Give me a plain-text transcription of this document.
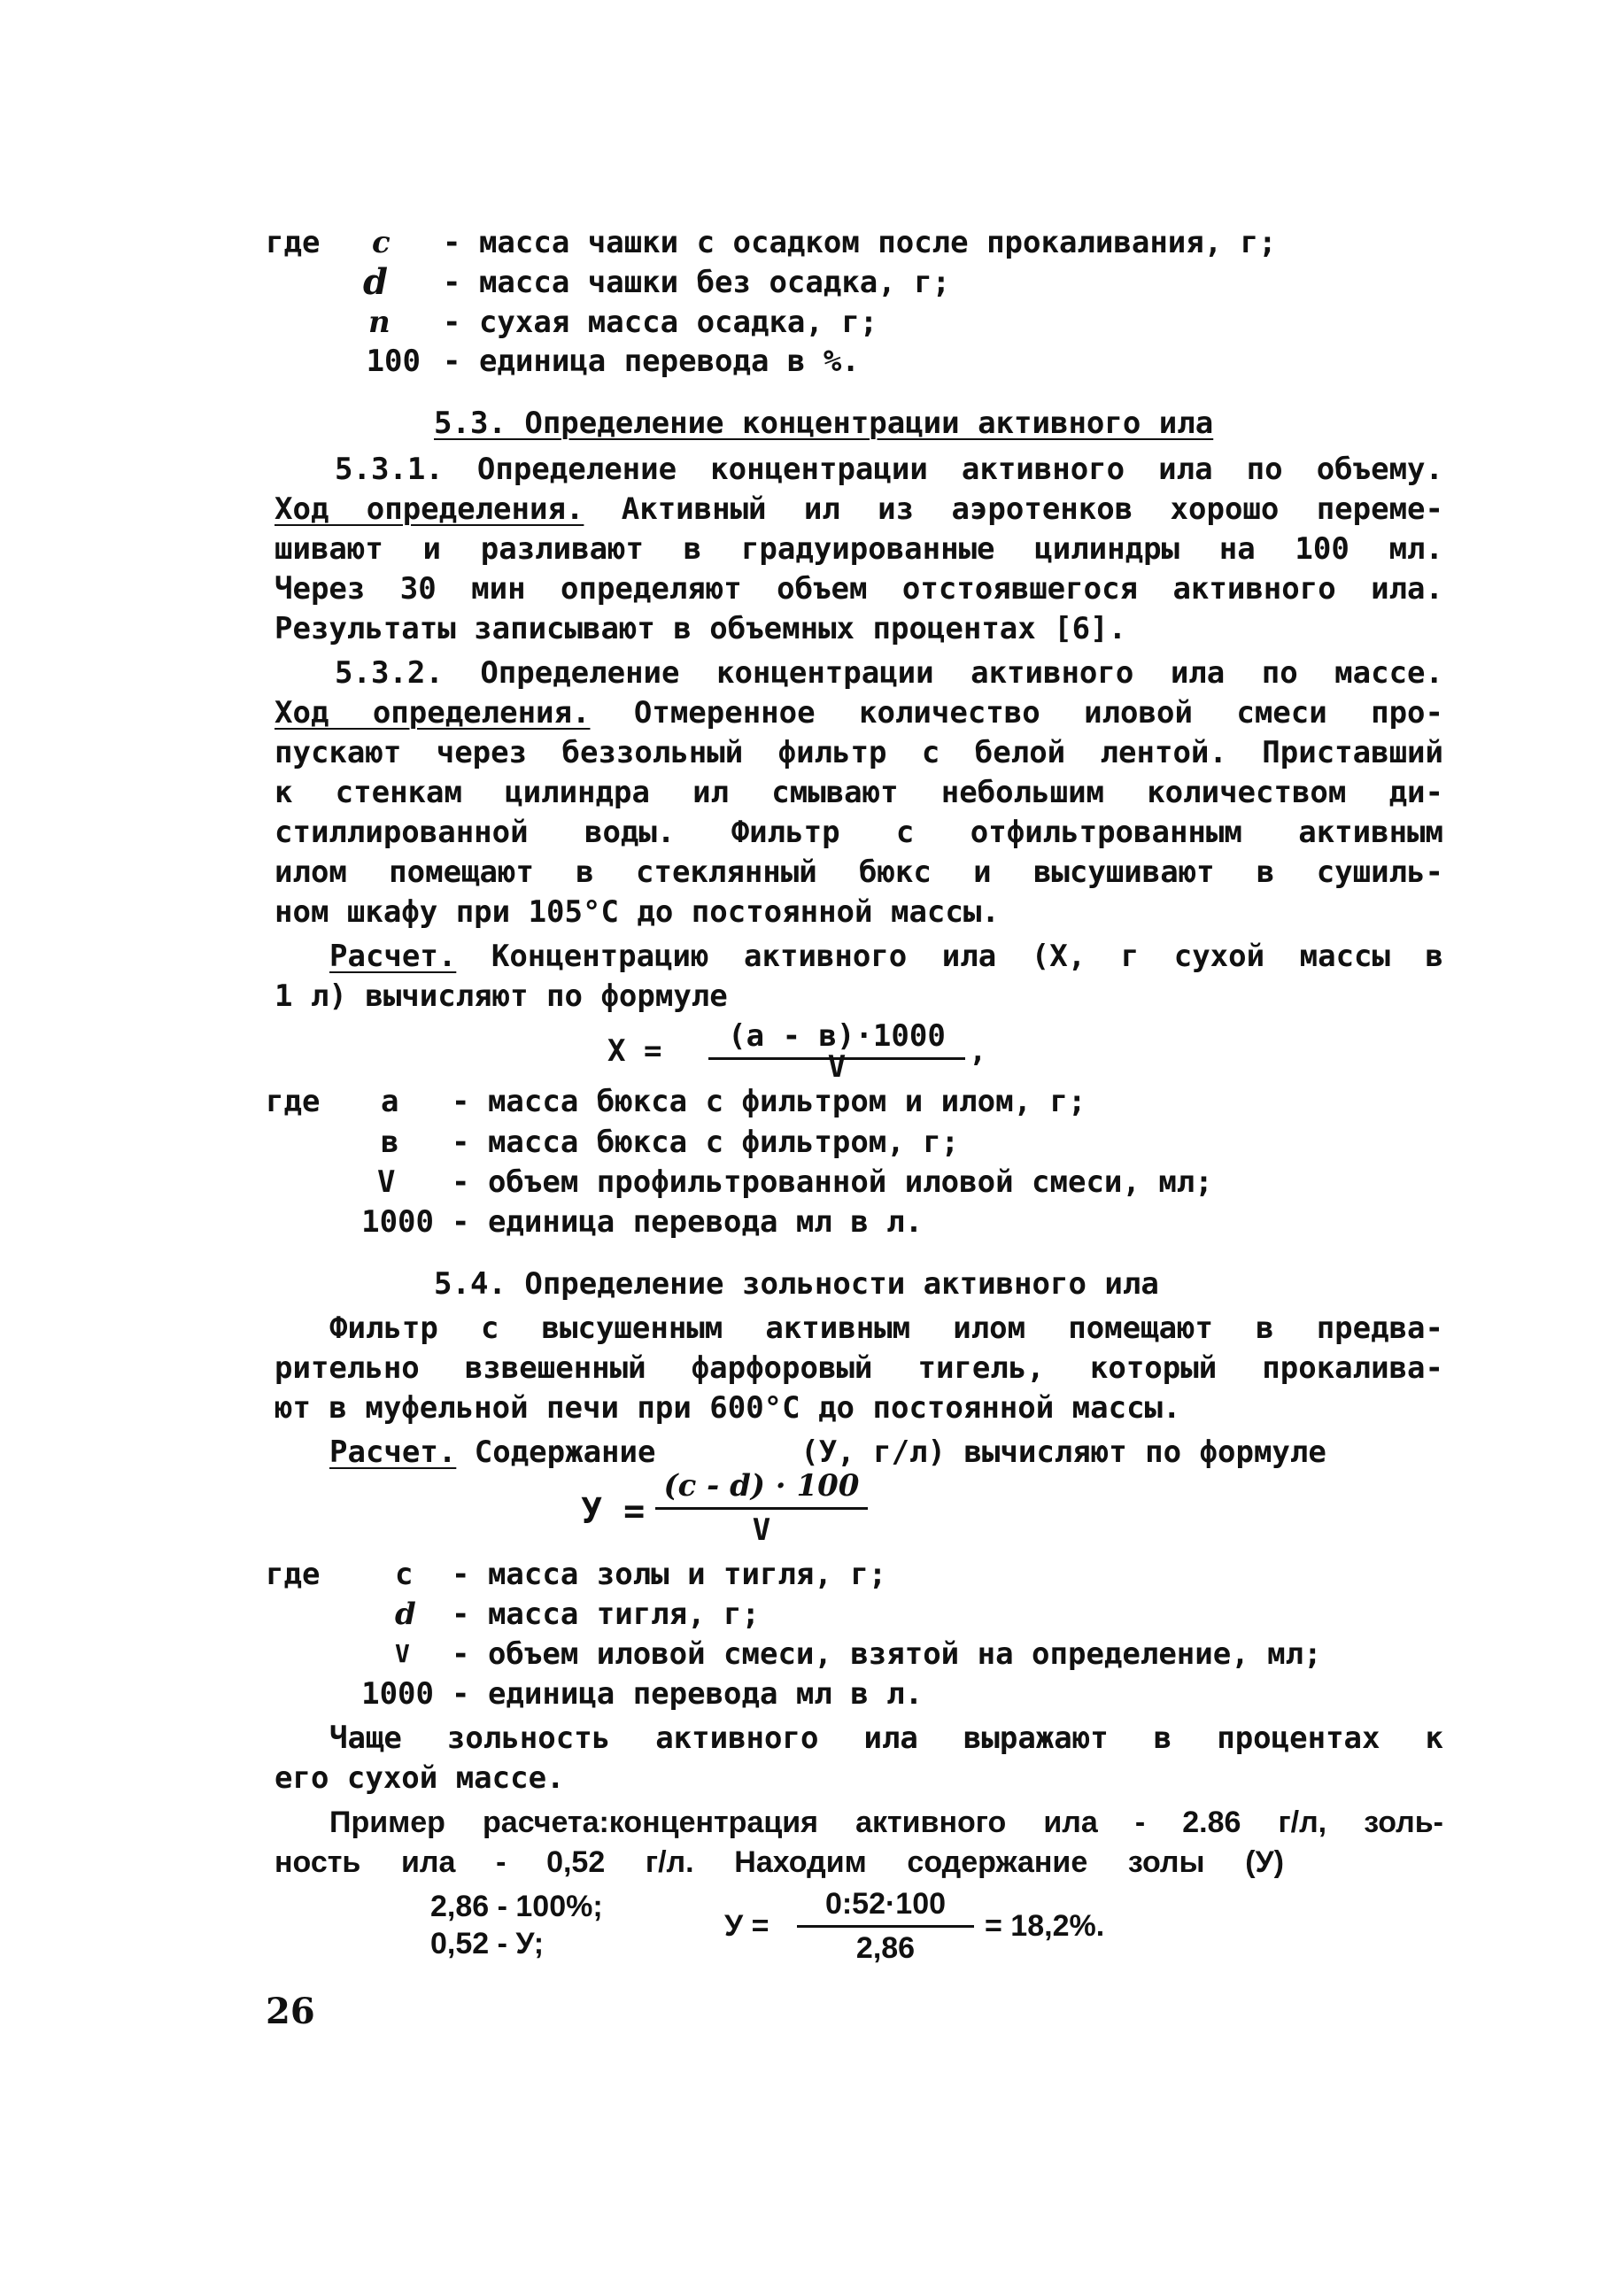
где c - масса чашки с осадком после прокаливания, г;
d - масса чашки без осадка, г;
n - сухая масса осадка, г;
100 - единица перевода в %.
5.3. Определение концентрации активного ила
5.3.1. Определение концентрации активного ила по объему.
Ход определения. Активный ил из аэротенков хорошо переме-
шивают и разливают в градуированные цилиндры на 100 мл.
Через 30 мин определяют объем отстоявшегося активного ила.
Результаты записывают в объемных процентах [6].
5.3.2. Определение концентрации активного ила по массе.
Ход определения. Отмеренное количество иловой смеси про-
пускают через беззольный фильтр с белой лентой. Приставший
к стенкам цилиндра ил смывают небольшим количеством ди-
стиллированной воды. Фильтр с отфильтрованным активным
илом помещают в стеклянный бюкс и высушивают в сушиль-
ном шкафу при 105°С до постоянной массы.
Расчет. Концентрацию активного ила (X, г сухой массы в
1 л) вычисляют по формуле
X =	(а - в)·1000
V	,
где а - масса бюкса с фильтром и илом, г;
в - масса бюкса с фильтром, г;
V - объем профильтрованной иловой смеси, мл;
1000 - единица перевода мл в л.
5.4. Определение зольности активного ила
Фильтр с высушенным активным илом помещают в предва-
рительно взвешенный фарфоровый тигель, который прокалива-
ют в муфельной печи при 600°С до постоянной массы.
Расчет. Содержание        (У, г/л) вычисляют по формуле
У =
(с - d) · 100
V
где с - масса золы и тигля, г;
d - масса тигля, г;
V - объем иловой смеси, взятой на определение, мл;
1000 - единица перевода мл в л.
Чаще зольность активного ила выражают в процентах к
его сухой массе.
Пример расчета:концентрация активного ила - 2.86 г/л, золь-
ность ила - 0,52 г/л. Находим содержание золы (У)
2,86 - 100%;
0,52 - У;
У =
0:52·100
2,86
= 18,2%.
26
